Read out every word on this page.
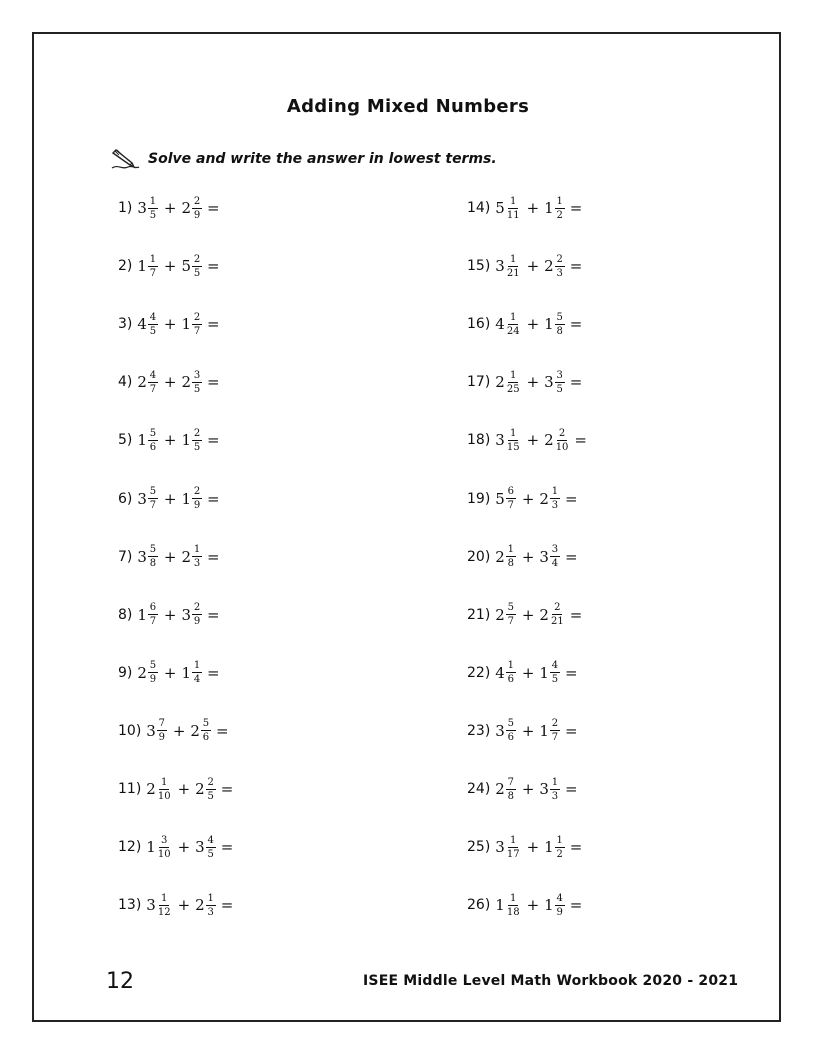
Adding Mixed Numbers
Solve and write the answer in lowest terms.
1) $3 \frac{1}{5} + 2 \frac{2}{9}$ =
2) $1 \frac{1}{7} + 5 \frac{2}{5}$ =
3) $4 \frac{4}{5} + 1 \frac{2}{7}$ =
4) $2 \frac{4}{7} + 2 \frac{3}{5}$ =
5) $1 \frac{5}{6} + 1 \frac{2}{5}$ =
6) $3 \frac{5}{7} + 1 \frac{2}{9}$ =
7) $3 \frac{5}{8} + 2 \frac{1}{3}$ =
8) $1 \frac{6}{7} + 3 \frac{2}{9}$ =
9) $2 \frac{5}{9} + 1 \frac{1}{4}$ =
10) $3 \frac{7}{9} + 2 \frac{5}{6}$ =
11) $2 \frac{1}{10} + 2 \frac{2}{5}$ =
12) $1 \frac{3}{10} + 3 \frac{4}{5}$ =
13) $3 \frac{1}{12} + 2 \frac{1}{3}$ =
14) $5 \frac{1}{11} + 1 \frac{1}{2}$ =
15) $3 \frac{1}{21} + 2 \frac{2}{3}$ =
16) $4 \frac{1}{24} + 1 \frac{5}{8}$ =
17) $2 \frac{1}{25} + 3 \frac{3}{5}$ =
18) $3 \frac{1}{15} + 2 \frac{2}{10}$ =
19) $5 \frac{6}{7} + 2 \frac{1}{3}$ =
20) $2 \frac{1}{8} + 3 \frac{3}{4}$ =
21) $2 \frac{5}{7} + 2 \frac{2}{21}$ =
22) $4 \frac{1}{6} + 1 \frac{4}{5}$ =
23) $3 \frac{5}{6} + 1 \frac{2}{7}$ =
24) $2 \frac{7}{8} + 3 \frac{1}{3}$ =
25) $3 \frac{1}{17} + 1 \frac{1}{2}$ =
26) $1 \frac{1}{18} + 1 \frac{4}{9}$ =
12	ISEE Middle Level Math Workbook 2020 - 2021
